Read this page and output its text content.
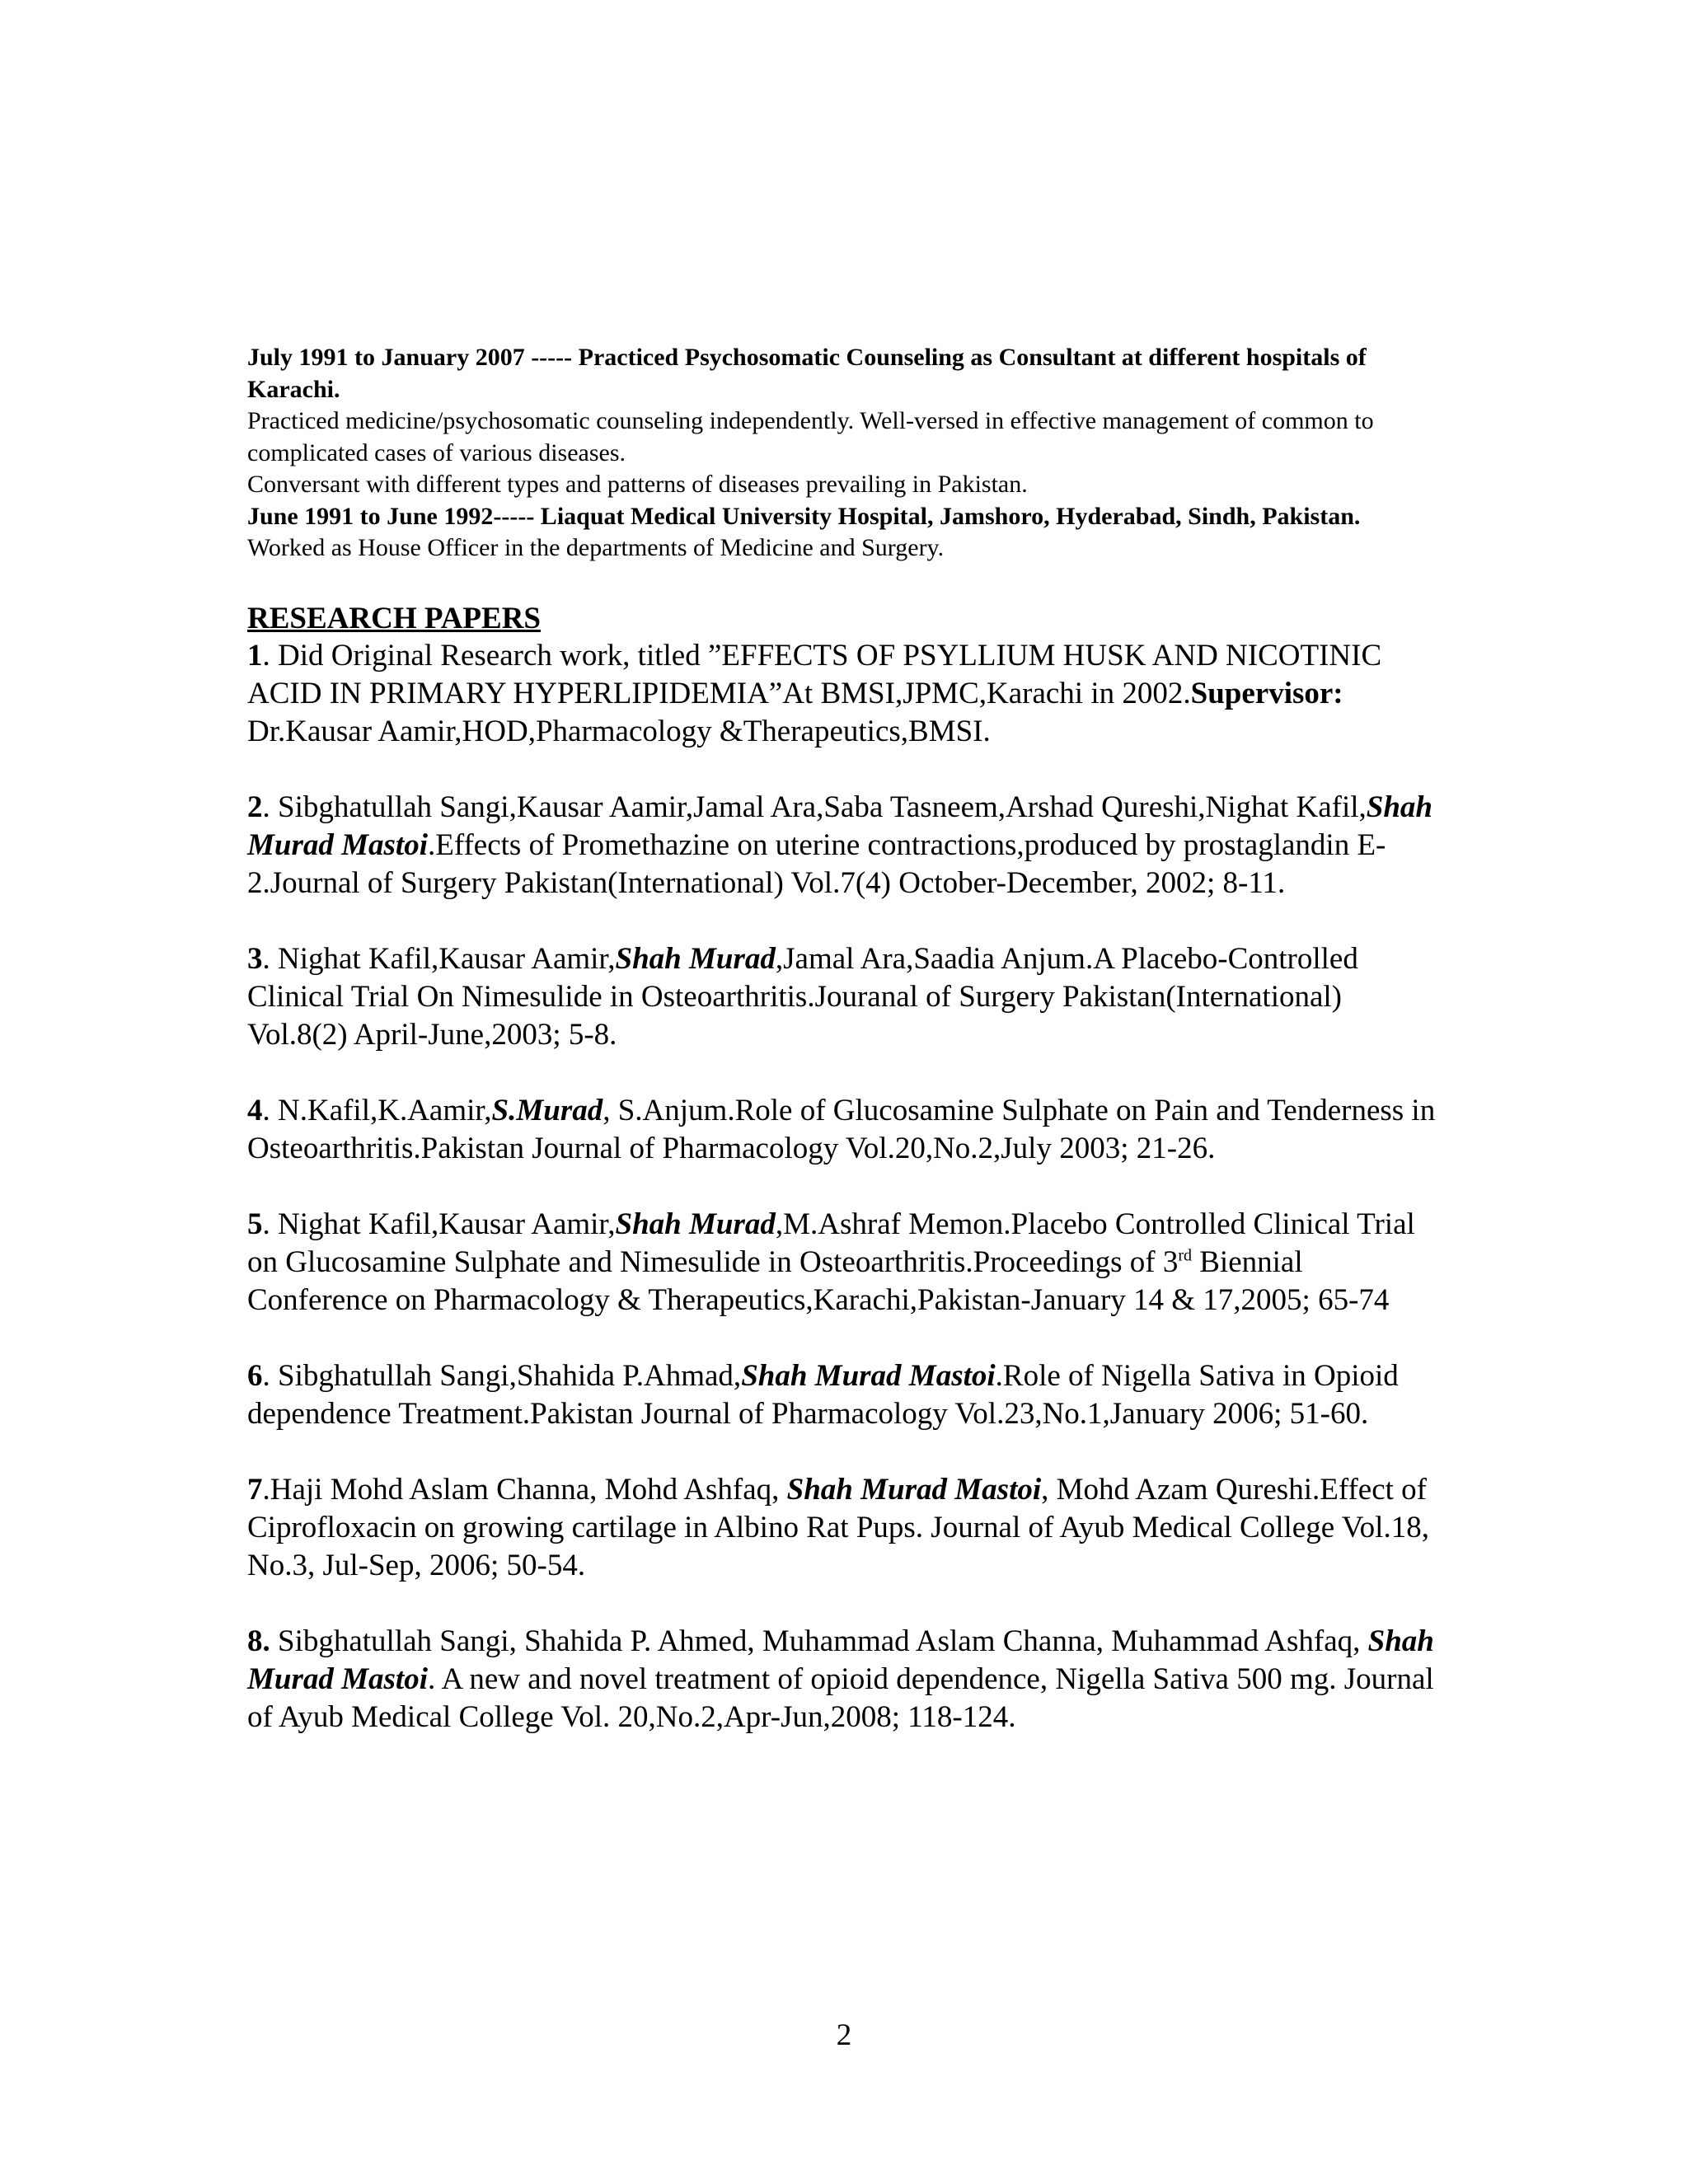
July 1991 to January 2007 ----- Practiced Psychosomatic Counseling as Consultant at different hospitals of Karachi.

Practiced medicine/psychosomatic counseling independently. Well-versed in effective management of common to complicated cases of various diseases.

Conversant with different types and patterns of diseases prevailing in Pakistan.

June 1991 to June 1992----- Liaquat Medical University Hospital, Jamshoro, Hyderabad, Sindh, Pakistan.

Worked as House Officer in the departments of Medicine and Surgery.

RESEARCH PAPERS

1. Did Original Research work, titled ”EFFECTS OF PSYLLIUM HUSK AND NICOTINIC ACID IN PRIMARY HYPERLIPIDEMIA”At BMSI,JPMC,Karachi in 2002.Supervisor: Dr.Kausar Aamir,HOD,Pharmacology &Therapeutics,BMSI.

2. Sibghatullah Sangi,Kausar Aamir,Jamal Ara,Saba Tasneem,Arshad Qureshi,Nighat Kafil,Shah Murad Mastoi.Effects of Promethazine on uterine contractions,produced by prostaglandin E-2.Journal of Surgery Pakistan(International) Vol.7(4) October-December, 2002; 8-11.

3. Nighat Kafil,Kausar Aamir,Shah Murad,Jamal Ara,Saadia Anjum.A Placebo-Controlled Clinical Trial On Nimesulide in Osteoarthritis.Jouranal of Surgery Pakistan(International) Vol.8(2) April-June,2003; 5-8.

4. N.Kafil,K.Aamir,S.Murad, S.Anjum.Role of Glucosamine Sulphate on Pain and Tenderness in Osteoarthritis.Pakistan Journal of Pharmacology Vol.20,No.2,July 2003; 21-26.

5. Nighat Kafil,Kausar Aamir,Shah Murad,M.Ashraf Memon.Placebo Controlled Clinical Trial on Glucosamine Sulphate and Nimesulide in Osteoarthritis.Proceedings of 3rd Biennial Conference on Pharmacology & Therapeutics,Karachi,Pakistan-January 14 & 17,2005; 65-74

6. Sibghatullah Sangi,Shahida P.Ahmad,Shah Murad Mastoi.Role of Nigella Sativa in Opioid dependence Treatment.Pakistan Journal of Pharmacology Vol.23,No.1,January 2006; 51-60.

7.Haji Mohd Aslam Channa, Mohd Ashfaq, Shah Murad Mastoi, Mohd Azam Qureshi.Effect of Ciprofloxacin on growing cartilage in Albino Rat Pups. Journal of Ayub Medical College Vol.18, No.3, Jul-Sep, 2006; 50-54.

8. Sibghatullah Sangi, Shahida P. Ahmed, Muhammad Aslam Channa, Muhammad Ashfaq, Shah Murad Mastoi. A new and novel treatment of opioid dependence, Nigella Sativa 500 mg. Journal of Ayub Medical College Vol. 20,No.2,Apr-Jun,2008; 118-124.

2
